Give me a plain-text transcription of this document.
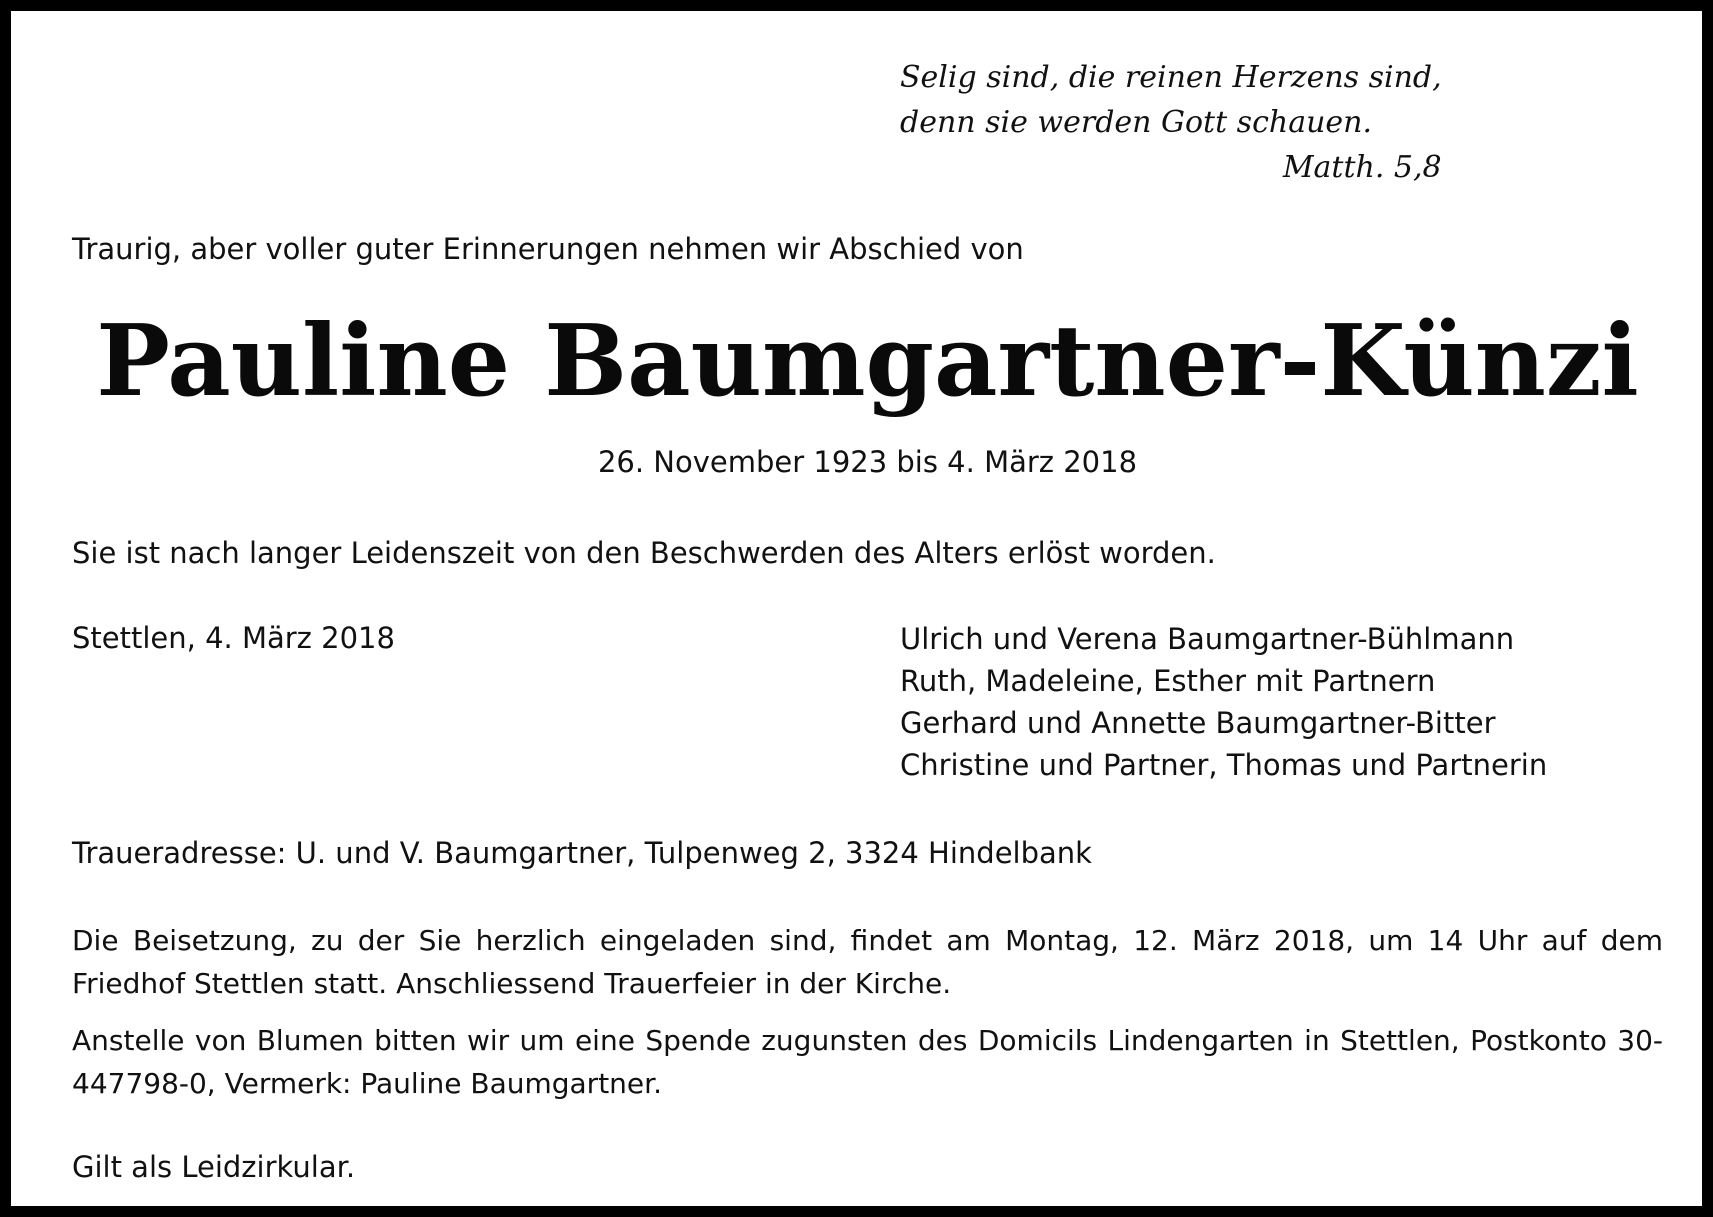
Selig sind, die reinen Herzens sind,
denn sie werden Gott schauen.
Matth. 5,8
Traurig, aber voller guter Erinnerungen nehmen wir Abschied von
Pauline Baumgartner-Künzi
26. November 1923 bis 4. März 2018
Sie ist nach langer Leidenszeit von den Beschwerden des Alters erlöst worden.
Stettlen, 4. März 2018	Ulrich und Verena Baumgartner-Bühlmann
Ruth, Madeleine, Esther mit Partnern
Gerhard und Annette Baumgartner-Bitter
Christine und Partner, Thomas und Partnerin
Traueradresse: U. und V. Baumgartner, Tulpenweg 2, 3324 Hindelbank

Die Beisetzung, zu der Sie herzlich eingeladen sind, findet am Montag, 12. März 2018, um 14 Uhr auf dem Friedhof Stettlen statt. Anschliessend Trauerfeier in der Kirche.

Anstelle von Blumen bitten wir um eine Spende zugunsten des Domicils Lindengarten in Stettlen, Postkonto 30-447798-0, Vermerk: Pauline Baumgartner.

Gilt als Leidzirkular.
